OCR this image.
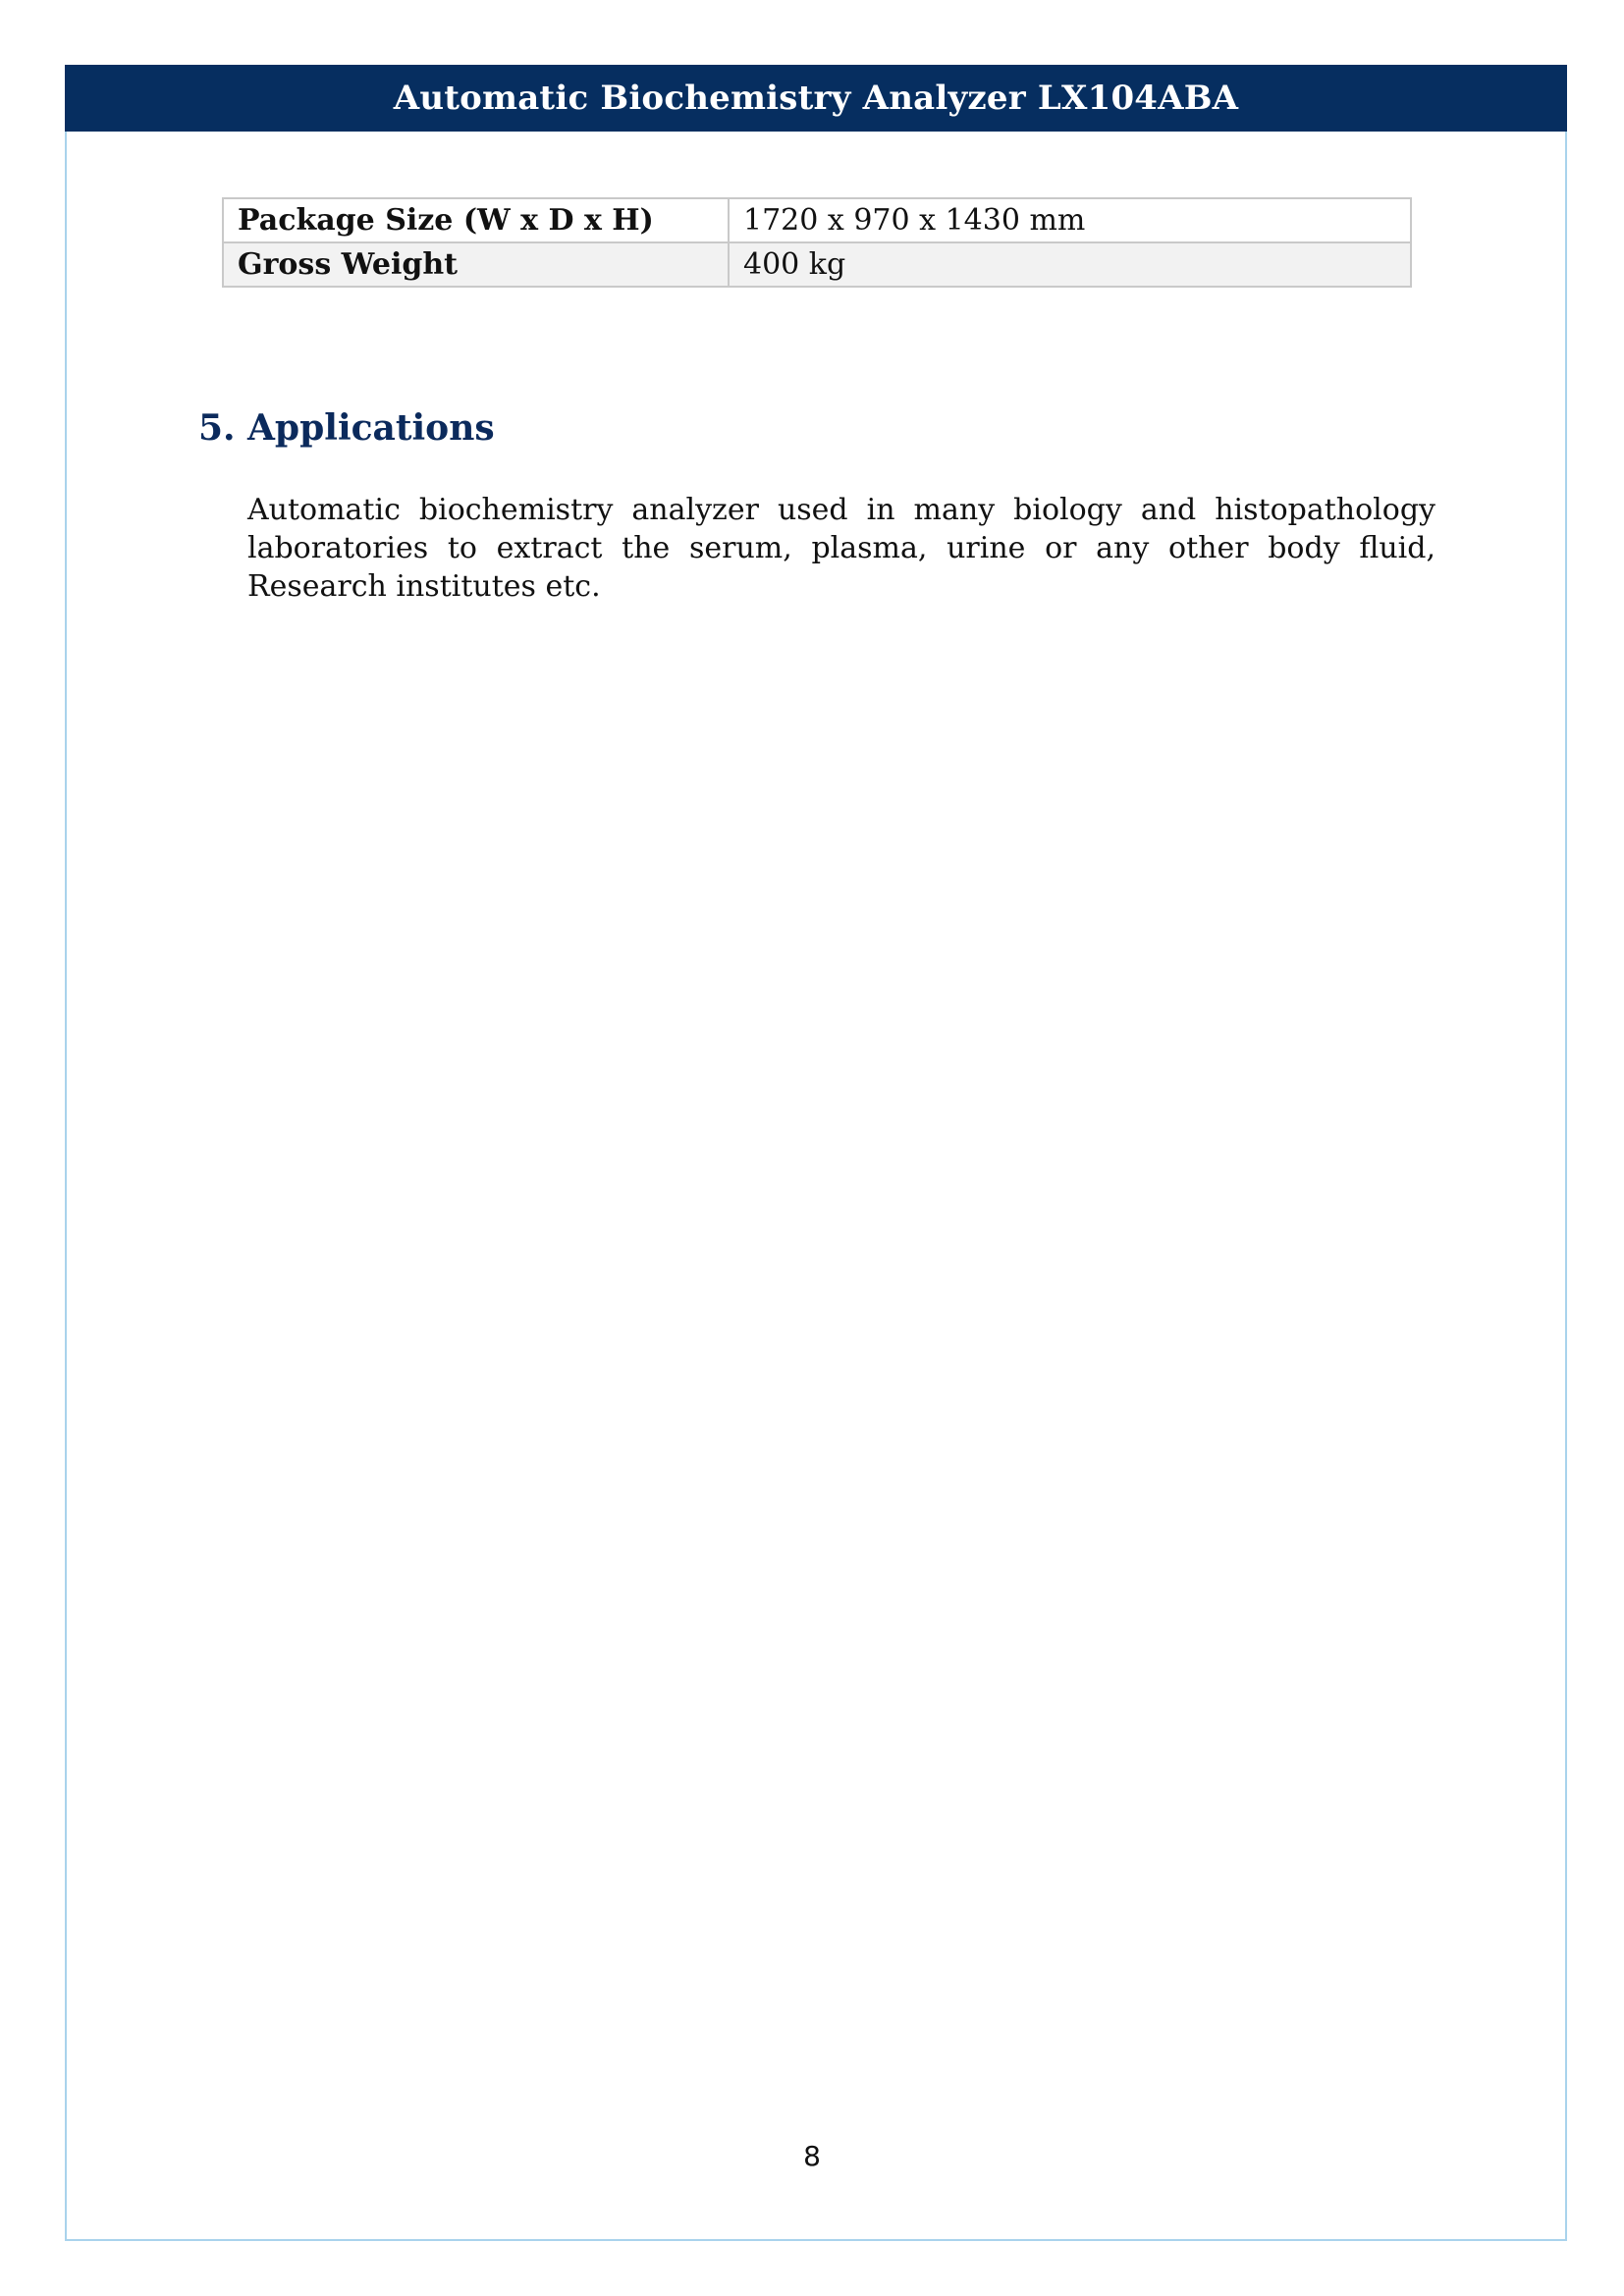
Automatic Biochemistry Analyzer LX104ABA
Package Size (W x D x H)	1720 x 970 x 1430 mm
Gross Weight	400 kg
5. Applications

Automatic biochemistry analyzer used in many biology and histopathology laboratories to extract the serum, plasma, urine or any other body fluid, Research institutes etc.

8
